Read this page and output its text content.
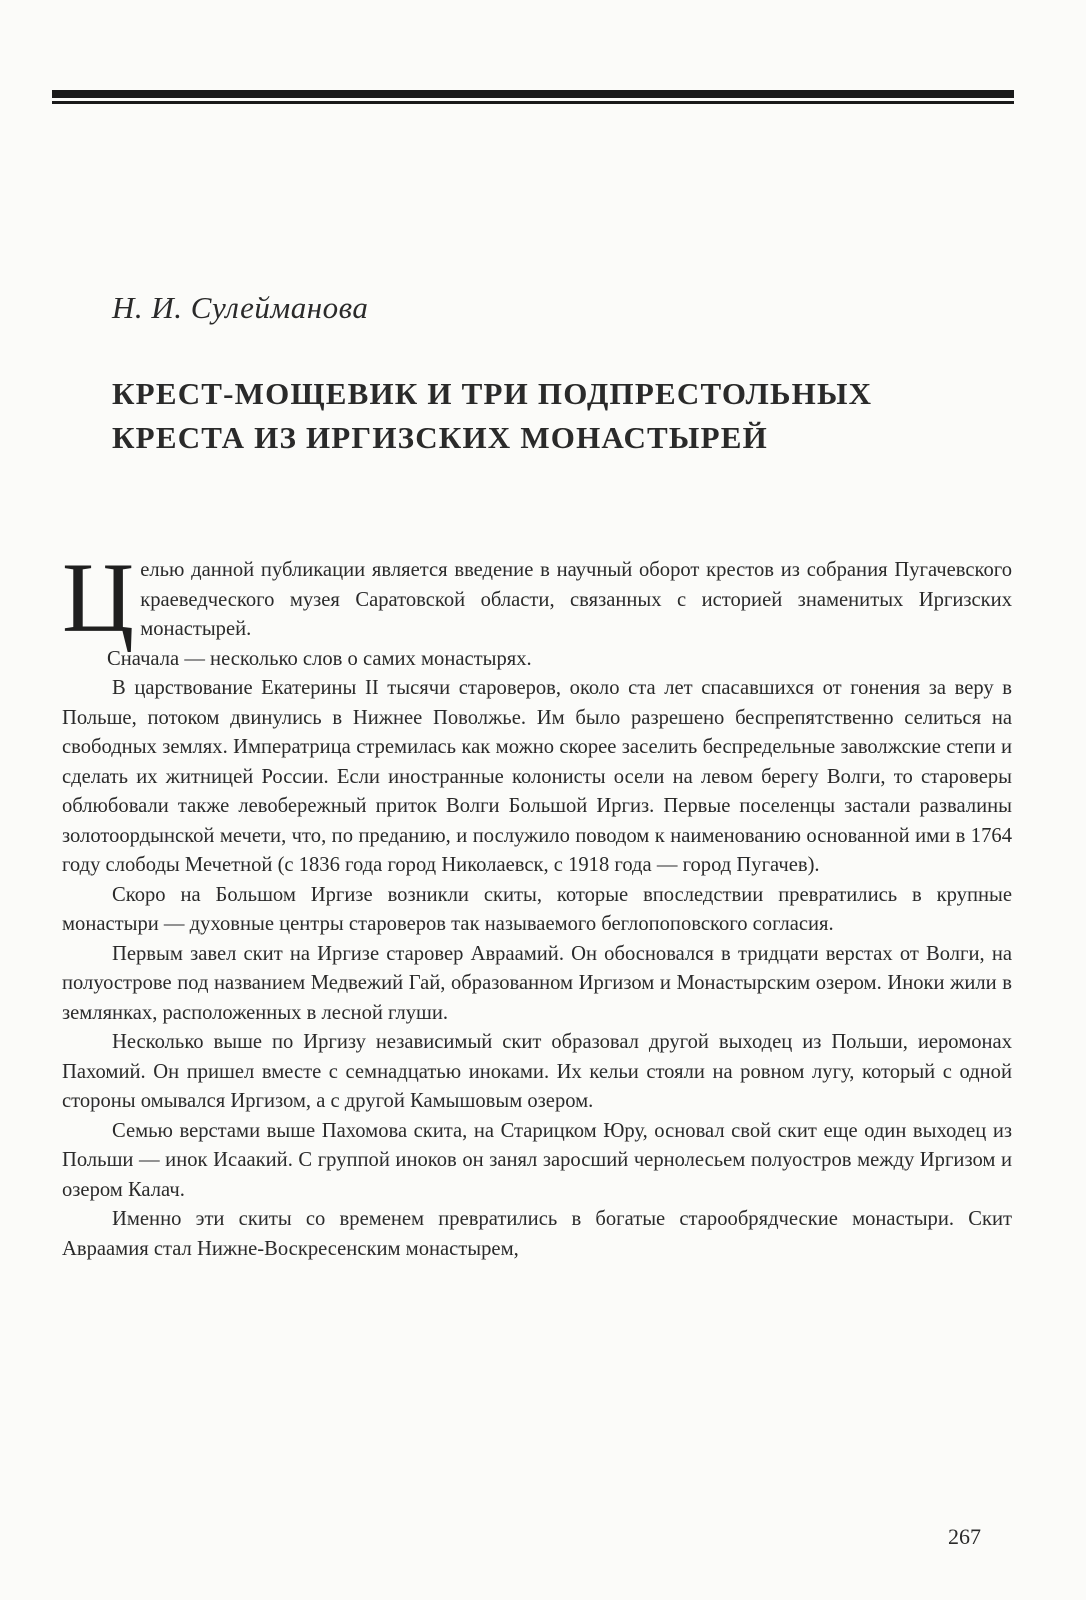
Н. И. Сулейманова
КРЕСТ-МОЩЕВИК И ТРИ ПОДПРЕСТОЛЬНЫХ
КРЕСТА ИЗ ИРГИЗСКИХ МОНАСТЫРЕЙ
Ц елью данной публикации является введение в научный оборот крестов из собрания Пугачевского краеведческого музея Саратовской области, связанных с историей знаменитых Иргизских монастырей.

Сначала — несколько слов о самих монастырях.

В царствование Екатерины II тысячи староверов, около ста лет спасавшихся от гонения за веру в Польше, потоком двинулись в Нижнее Поволжье. Им было разрешено беспрепятственно селиться на свободных землях. Императрица стремилась как можно скорее заселить беспредельные заволжские степи и сделать их житницей России. Если иностранные колонисты осели на левом берегу Волги, то староверы облюбовали также левобережный приток Волги Большой Иргиз. Первые поселенцы застали развалины золотоордынской мечети, что, по преданию, и послужило поводом к наименованию основанной ими в 1764 году слободы Мечетной (с 1836 года город Николаевск, с 1918 года — город Пугачев).

Скоро на Большом Иргизе возникли скиты, которые впоследствии превратились в крупные монастыри — духовные центры староверов так называемого беглопоповского согласия.

Первым завел скит на Иргизе старовер Авраамий. Он обосновался в тридцати верстах от Волги, на полуострове под названием Медвежий Гай, образованном Иргизом и Монастырским озером. Иноки жили в землянках, расположенных в лесной глуши.

Несколько выше по Иргизу независимый скит образовал другой выходец из Польши, иеромонах Пахомий. Он пришел вместе с семнадцатью иноками. Их кельи стояли на ровном лугу, который с одной стороны омывался Иргизом, а с другой Камышовым озером.

Семью верстами выше Пахомова скита, на Старицком Юру, основал свой скит еще один выходец из Польши — инок Исаакий. С группой иноков он занял заросший чернолесьем полуостров между Иргизом и озером Калач.

Именно эти скиты со временем превратились в богатые старообрядческие монастыри. Скит Авраамия стал Нижне-Воскресенским монастырем,

267
